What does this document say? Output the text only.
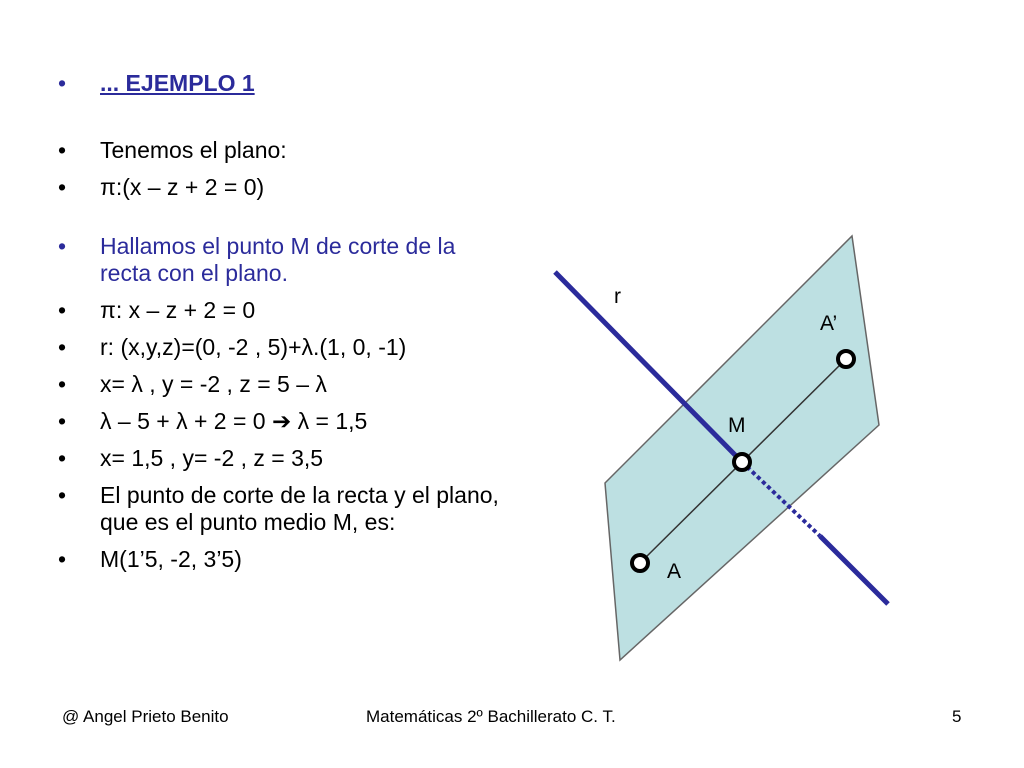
• ... EJEMPLO 1
• Tenemos el plano:
• π:(x – z + 2 = 0)
• Hallamos el punto M de corte de la recta con el plano.
• π: x – z + 2 = 0
• r: (x,y,z)=(0, -2 , 5)+λ.(1, 0, -1)
• x= λ , y = -2 , z = 5 – λ
• λ – 5 + λ + 2 = 0 ➔ λ = 1,5
• x= 1,5 , y= -2 , z = 3,5
• El punto de corte de la recta y el plano, que es el punto medio M, es:
• M(1’5, -2, 3’5)
r
A’
M
A
@ Angel Prieto Benito	Matemáticas 2º Bachillerato C. T.	5
